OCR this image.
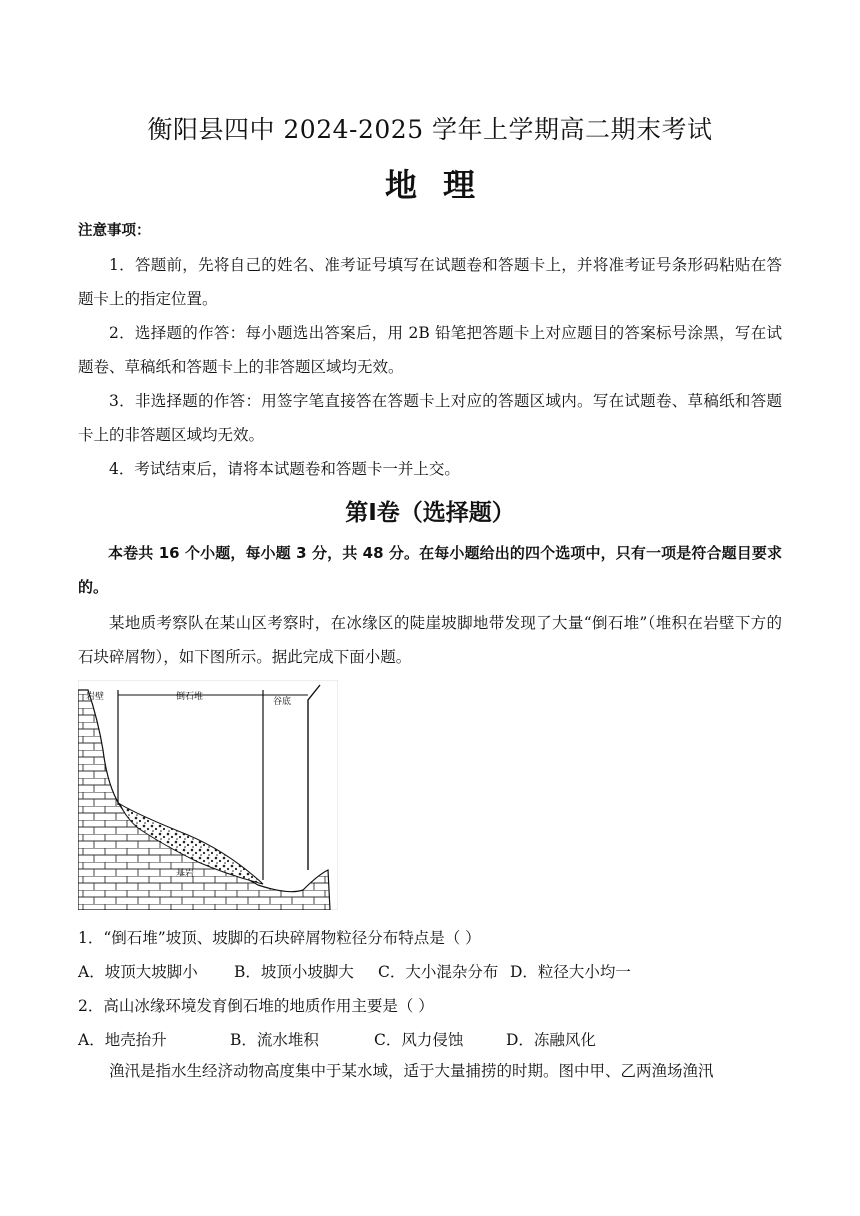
衡阳县四中 2024-2025 学年上学期高二期末考试
地理
注意事项：
1．答题前，先将自己的姓名、准考证号填写在试题卷和答题卡上，并将准考证号条形码粘贴在答题卡上的指定位置。
2．选择题的作答：每小题选出答案后，用 2B 铅笔把答题卡上对应题目的答案标号涂黑，写在试题卷、草稿纸和答题卡上的非答题区域均无效。
3．非选择题的作答：用签字笔直接答在答题卡上对应的答题区域内。写在试题卷、草稿纸和答题卡上的非答题区域均无效。
4．考试结束后，请将本试题卷和答题卡一并上交。
第Ⅰ卷（选择题）
本卷共 16 个小题，每小题 3 分，共 48 分。在每小题给出的四个选项中，只有一项是符合题目要求的。
某地质考察队在某山区考察时，在冰缘区的陡崖坡脚地带发现了大量“倒石堆”（堆积在岩壁下方的石块碎屑物），如下图所示。据此完成下面小题。
岩壁	倒石堆	谷底
基岩
1．“倒石堆”坡顶、坡脚的石块碎屑物粒径分布特点是（ ）
A．坡顶大坡脚小 B．坡顶小坡脚大 C．大小混杂分布 D．粒径大小均一
2．高山冰缘环境发育倒石堆的地质作用主要是（ ）
A．地壳抬升	B．流水堆积	C．风力侵蚀	D．冻融风化
渔汛是指水生经济动物高度集中于某水域，适于大量捕捞的时期。图中甲、乙两渔场渔汛
